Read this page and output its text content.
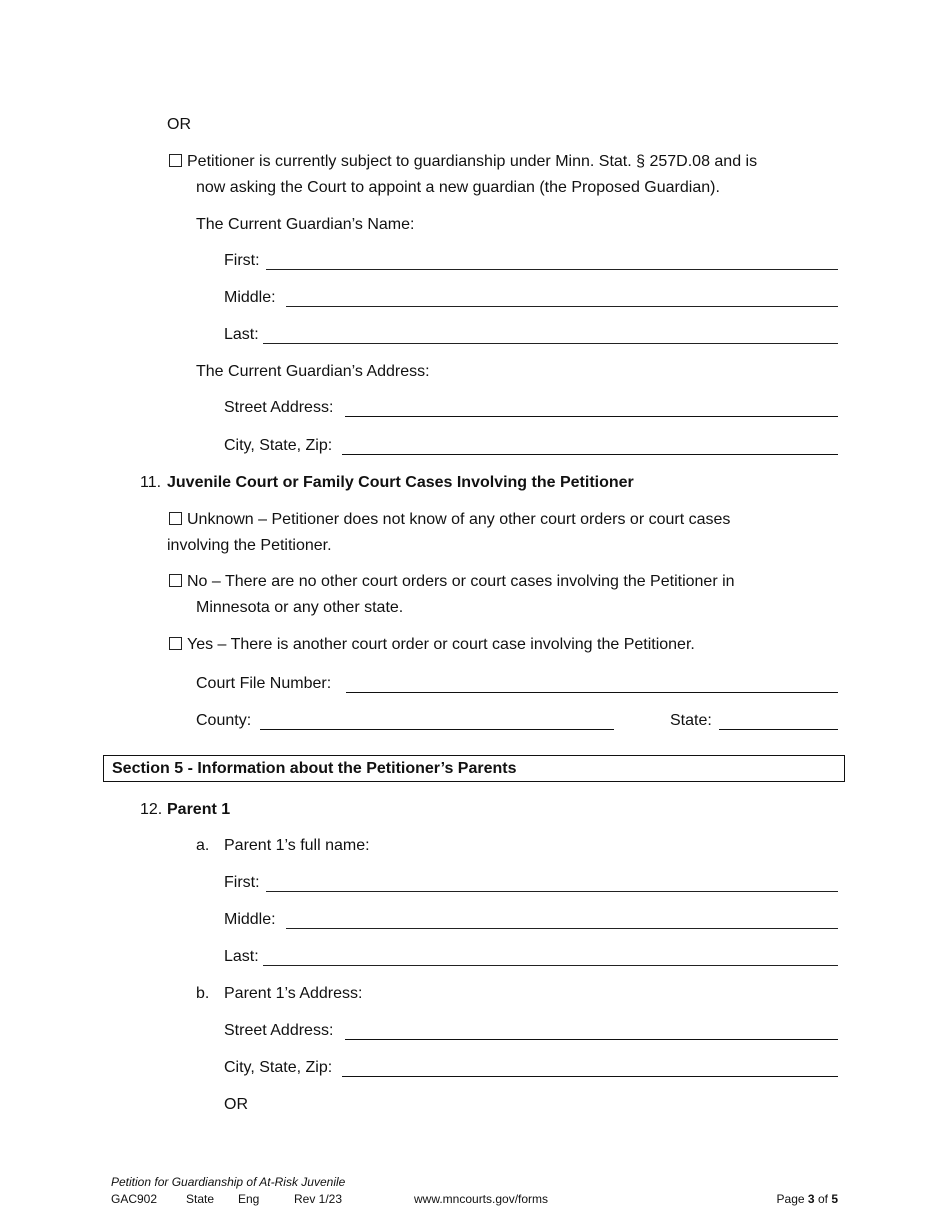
OR
Petitioner is currently subject to guardianship under Minn. Stat. § 257D.08 and is
now asking the Court to appoint a new guardian (the Proposed Guardian).
The Current Guardian’s Name:
First:
Middle:
Last:
The Current Guardian’s Address:
Street Address:
City, State, Zip:
11. Juvenile Court or Family Court Cases Involving the Petitioner
Unknown – Petitioner does not know of any other court orders or court cases
involving the Petitioner.
No – There are no other court orders or court cases involving the Petitioner in
Minnesota or any other state.
Yes – There is another court order or court case involving the Petitioner.
Court File Number:
County:	State:
Section 5 - Information about the Petitioner’s Parents
12. Parent 1
a. Parent 1’s full name:
First:
Middle:
Last:
b. Parent 1’s Address:
Street Address:
City, State, Zip:
OR
Petition for Guardianship of At-Risk Juvenile
GAC902 State Eng	Rev 1/23	www.mncourts.gov/forms	Page 3 of 5
